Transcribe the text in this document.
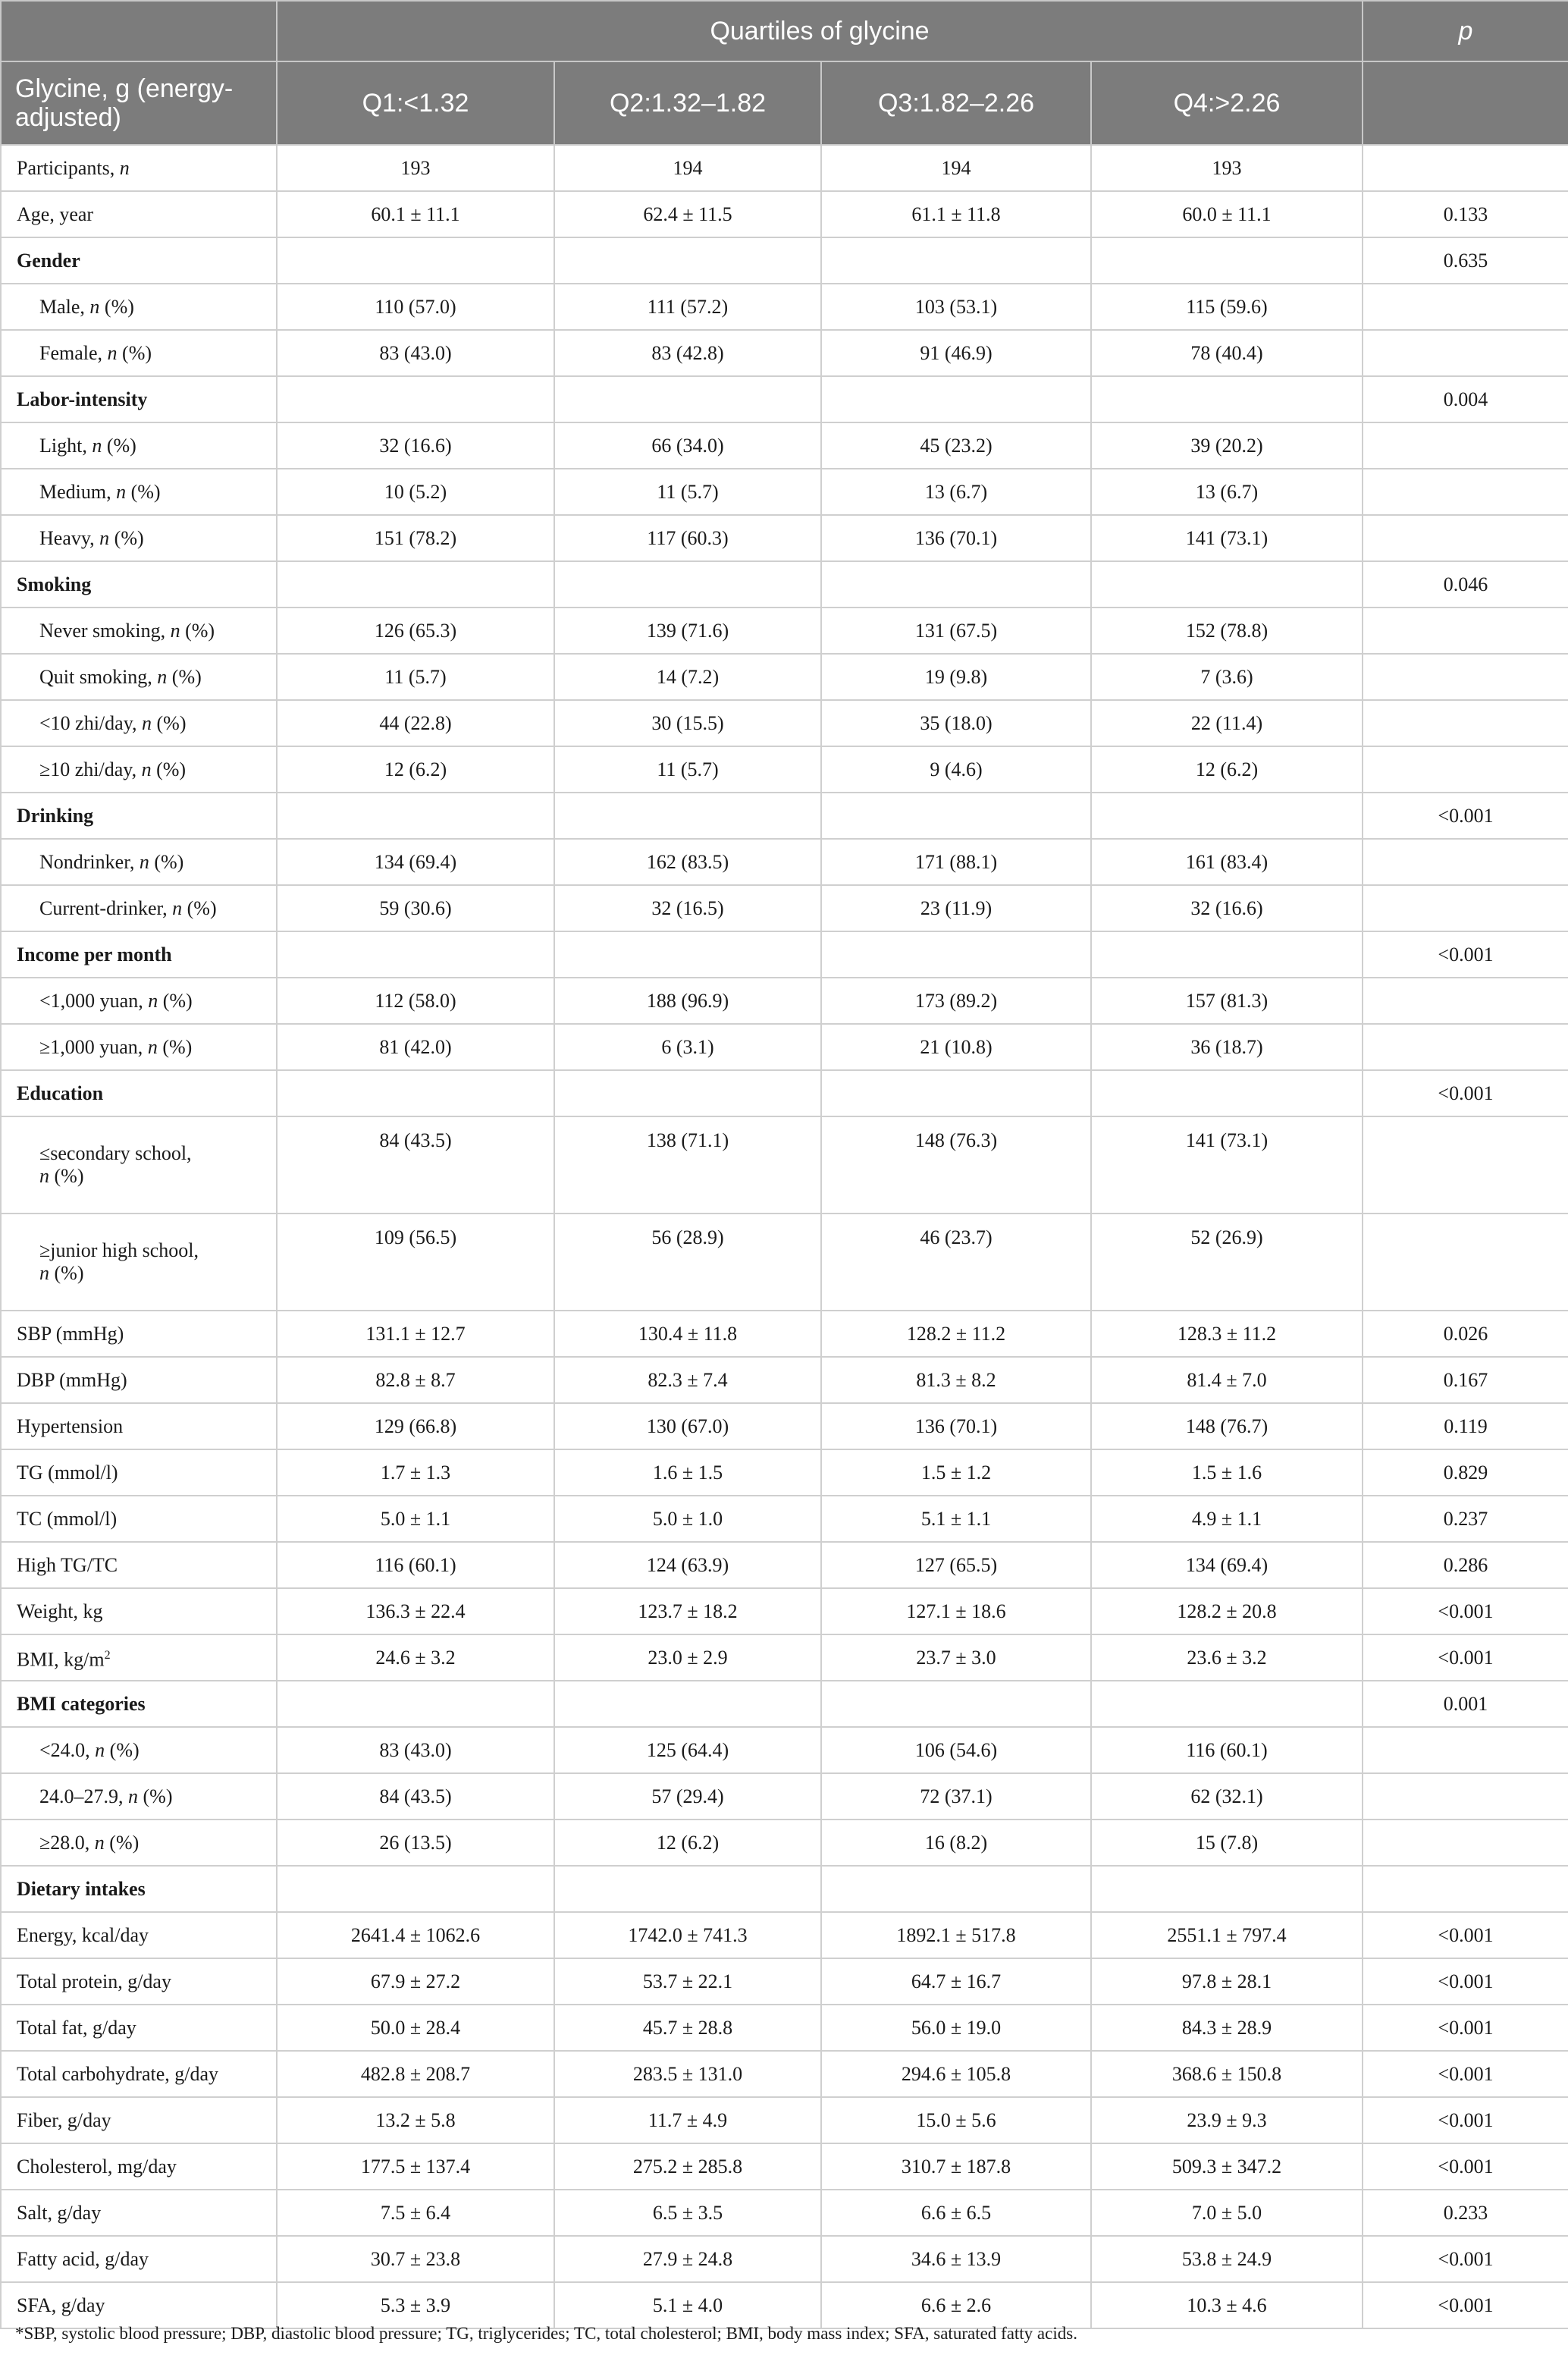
	Quartiles of glycine				p
Glycine, g (energy-adjusted)	Q1:<1.32	Q2:1.32–1.82	Q3:1.82–2.26	Q4:>2.26	
Participants, n	193	194	194	193	
Age, year	60.1 ± 11.1	62.4 ± 11.5	61.1 ± 11.8	60.0 ± 11.1	0.133
Gender					0.635
Male, n (%)	110 (57.0)	111 (57.2)	103 (53.1)	115 (59.6)	
Female, n (%)	83 (43.0)	83 (42.8)	91 (46.9)	78 (40.4)	
Labor-intensity					0.004
Light, n (%)	32 (16.6)	66 (34.0)	45 (23.2)	39 (20.2)	
Medium, n (%)	10 (5.2)	11 (5.7)	13 (6.7)	13 (6.7)	
Heavy, n (%)	151 (78.2)	117 (60.3)	136 (70.1)	141 (73.1)	
Smoking					0.046
Never smoking, n (%)	126 (65.3)	139 (71.6)	131 (67.5)	152 (78.8)	
Quit smoking, n (%)	11 (5.7)	14 (7.2)	19 (9.8)	7 (3.6)	
<10 zhi/day, n (%)	44 (22.8)	30 (15.5)	35 (18.0)	22 (11.4)	
≥10 zhi/day, n (%)	12 (6.2)	11 (5.7)	9 (4.6)	12 (6.2)	
Drinking					<0.001
Nondrinker, n (%)	134 (69.4)	162 (83.5)	171 (88.1)	161 (83.4)	
Current-drinker, n (%)	59 (30.6)	32 (16.5)	23 (11.9)	32 (16.6)	
Income per month					<0.001
<1,000 yuan, n (%)	112 (58.0)	188 (96.9)	173 (89.2)	157 (81.3)	
≥1,000 yuan, n (%)	81 (42.0)	6 (3.1)	21 (10.8)	36 (18.7)	
Education					<0.001
≤secondary school,
n (%)	84 (43.5)	138 (71.1)	148 (76.3)	141 (73.1)	
≥junior high school,
n (%)	109 (56.5)	56 (28.9)	46 (23.7)	52 (26.9)	
SBP (mmHg)	131.1 ± 12.7	130.4 ± 11.8	128.2 ± 11.2	128.3 ± 11.2	0.026
DBP (mmHg)	82.8 ± 8.7	82.3 ± 7.4	81.3 ± 8.2	81.4 ± 7.0	0.167
Hypertension	129 (66.8)	130 (67.0)	136 (70.1)	148 (76.7)	0.119
TG (mmol/l)	1.7 ± 1.3	1.6 ± 1.5	1.5 ± 1.2	1.5 ± 1.6	0.829
TC (mmol/l)	5.0 ± 1.1	5.0 ± 1.0	5.1 ± 1.1	4.9 ± 1.1	0.237
High TG/TC	116 (60.1)	124 (63.9)	127 (65.5)	134 (69.4)	0.286
Weight, kg	136.3 ± 22.4	123.7 ± 18.2	127.1 ± 18.6	128.2 ± 20.8	<0.001
BMI, $kg/m^2$	24.6 ± 3.2	23.0 ± 2.9	23.7 ± 3.0	23.6 ± 3.2	<0.001
BMI categories					0.001
<24.0, n (%)	83 (43.0)	125 (64.4)	106 (54.6)	116 (60.1)	
24.0–27.9, n (%)	84 (43.5)	57 (29.4)	72 (37.1)	62 (32.1)	
≥28.0, n (%)	26 (13.5)	12 (6.2)	16 (8.2)	15 (7.8)	
Dietary intakes					
Energy, kcal/day	2641.4 ± 1062.6	1742.0 ± 741.3	1892.1 ± 517.8	2551.1 ± 797.4	<0.001
Total protein, g/day	67.9 ± 27.2	53.7 ± 22.1	64.7 ± 16.7	97.8 ± 28.1	<0.001
Total fat, g/day	50.0 ± 28.4	45.7 ± 28.8	56.0 ± 19.0	84.3 ± 28.9	<0.001
Total carbohydrate, g/day	482.8 ± 208.7	283.5 ± 131.0	294.6 ± 105.8	368.6 ± 150.8	<0.001
Fiber, g/day	13.2 ± 5.8	11.7 ± 4.9	15.0 ± 5.6	23.9 ± 9.3	<0.001
Cholesterol, mg/day	177.5 ± 137.4	275.2 ± 285.8	310.7 ± 187.8	509.3 ± 347.2	<0.001
Salt, g/day	7.5 ± 6.4	6.5 ± 3.5	6.6 ± 6.5	7.0 ± 5.0	0.233
Fatty acid, g/day	30.7 ± 23.8	27.9 ± 24.8	34.6 ± 13.9	53.8 ± 24.9	<0.001
SFA, g/day	5.3 ± 3.9	5.1 ± 4.0	6.6 ± 2.6	10.3 ± 4.6	<0.001
*SBP, systolic blood pressure; DBP, diastolic blood pressure; TG, triglycerides; TC, total cholesterol; BMI, body mass index; SFA, saturated fatty acids.
